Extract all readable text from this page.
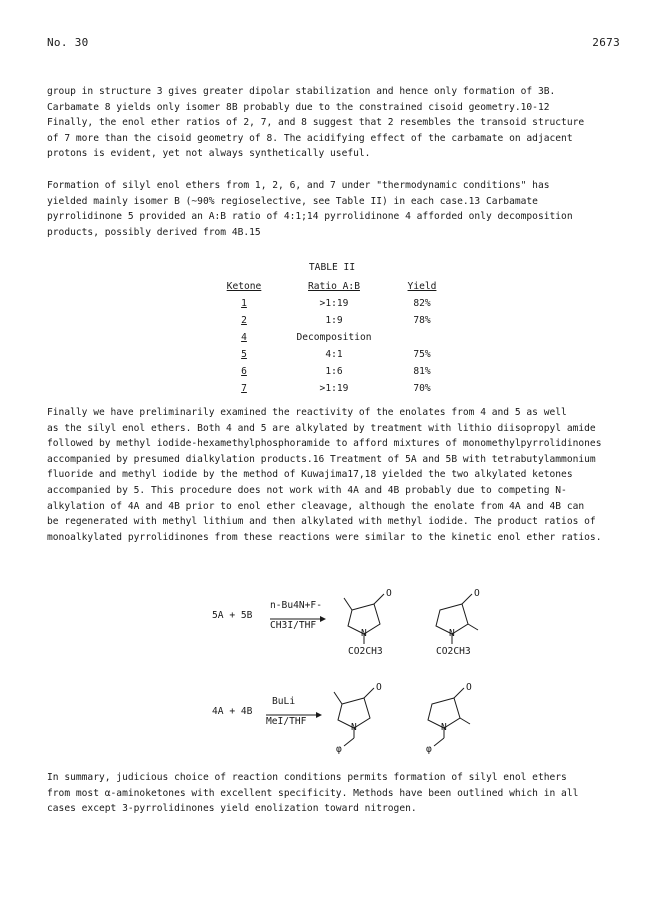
No. 30	2673
group in structure 3 gives greater dipolar stabilization and hence only formation of 3B.
Carbamate 8 yields only isomer 8B probably due to the constrained cisoid geometry.10-12
Finally, the enol ether ratios of 2, 7, and 8 suggest that 2 resembles the transoid structure
of 7 more than the cisoid geometry of 8. The acidifying effect of the carbamate on adjacent
protons is evident, yet not always synthetically useful.
Formation of silyl enol ethers from 1, 2, 6, and 7 under "thermodynamic conditions" has
yielded mainly isomer B (~90% regioselective, see Table II) in each case.13 Carbamate
pyrrolidinone 5 provided an A:B ratio of 4:1;14 pyrrolidinone 4 afforded only decomposition
products, possibly derived from 4B.15
TABLE II
Ketone	Ratio A:B	Yield
1	>1:19	82%
2	1:9	78%
4	Decomposition
5	4:1	75%
6	1:6	81%
7	>1:19	70%
Finally we have preliminarily examined the reactivity of the enolates from 4 and 5 as well
as the silyl enol ethers. Both 4 and 5 are alkylated by treatment with lithio diisopropyl amide
followed by methyl iodide-hexamethylphosphoramide to afford mixtures of monomethylpyrrolidinones
accompanied by presumed dialkylation products.16 Treatment of 5A and 5B with tetrabutylammonium
fluoride and methyl iodide by the method of Kuwajima17,18 yielded the two alkylated ketones
accompanied by 5. This procedure does not work with 4A and 4B probably due to competing N-
alkylation of 4A and 4B prior to enol ether cleavage, although the enolate from 4A and 4B can
be regenerated with methyl lithium and then alkylated with methyl iodide. The product ratios of
monoalkylated pyrrolidinones from these reactions were similar to the kinetic enol ether ratios.
5A + 5B
n-Bu4N+F-
CH3I/THF
O
N
CO2CH3
O
N
CO2CH3
4A + 4B
BuLi
MeI/THF
O
N
φ
O
N
φ
In summary, judicious choice of reaction conditions permits formation of silyl enol ethers
from most α-aminoketones with excellent specificity. Methods have been outlined which in all
cases except 3-pyrrolidinones yield enolization toward nitrogen.
